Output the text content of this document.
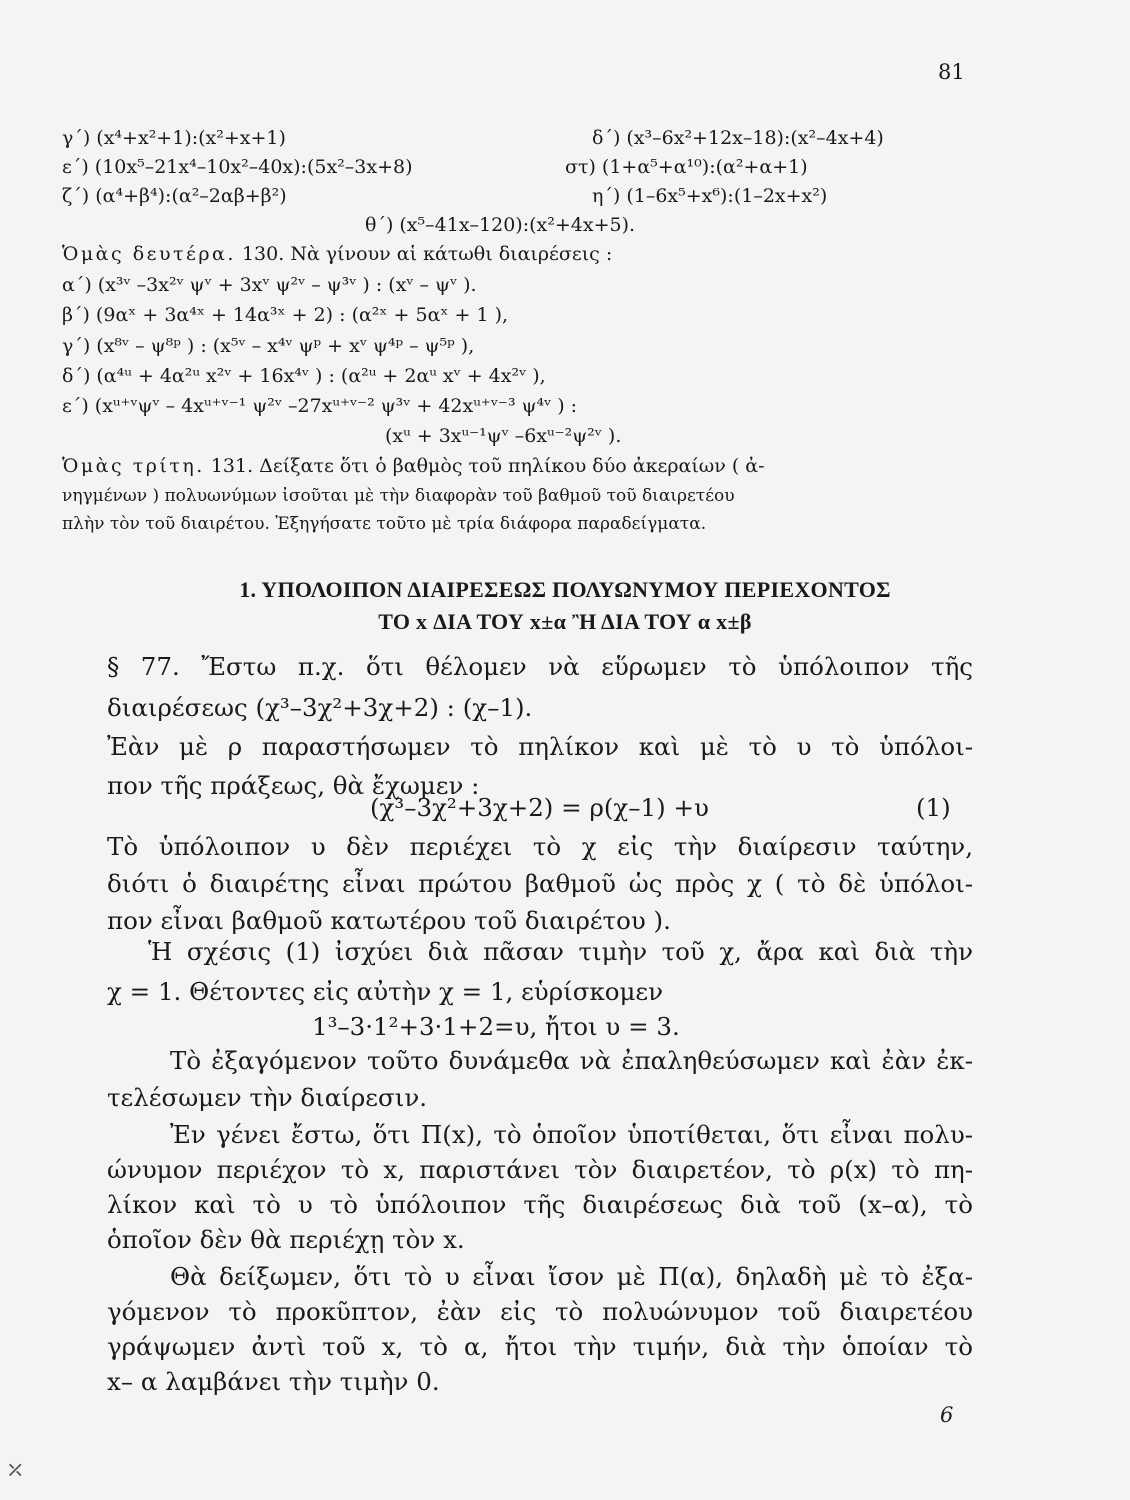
81
γ΄) (x⁴+x²+1):(x²+x+1)	δ΄) (x³–6x²+12x–18):(x²–4x+4)
ε΄) (10x⁵–21x⁴–10x²–40x):(5x²–3x+8)	στ) (1+α⁵+α¹⁰):(α²+α+1)
ζ΄) (α⁴+β⁴):(α²–2αβ+β²)	η΄) (1–6x⁵+x⁶):(1–2x+x²)
θ΄) (x⁵–41x–120):(x²+4x+5).
Ὁμὰς δευτέρα. 130. Νὰ γίνουν αἱ κάτωθι διαιρέσεις :
α΄) (x³ᵛ –3x²ᵛ ψᵛ + 3xᵛ ψ²ᵛ – ψ³ᵛ ) : (xᵛ – ψᵛ ).
β΄) (9αˣ + 3α⁴ˣ + 14α³ˣ + 2) : (α²ˣ + 5αˣ + 1 ),
γ΄) (x⁸ᵛ – ψ⁸ᵖ ) : (x⁵ᵛ – x⁴ᵛ ψᵖ + xᵛ ψ⁴ᵖ – ψ⁵ᵖ ),
δ΄) (α⁴ᵘ + 4α²ᵘ x²ᵛ + 16x⁴ᵛ ) : (α²ᵘ + 2αᵘ xᵛ + 4x²ᵛ ),
ε΄) (xᵘ⁺ᵛψᵛ – 4xᵘ⁺ᵛ⁻¹ ψ²ᵛ –27xᵘ⁺ᵛ⁻² ψ³ᵛ + 42xᵘ⁺ᵛ⁻³ ψ⁴ᵛ ) :
(xᵘ + 3xᵘ⁻¹ψᵛ –6xᵘ⁻²ψ²ᵛ ).
Ὁμὰς τρίτη. 131. Δείξατε ὅτι ὁ βαθμὸς τοῦ πηλίκου δύο ἀκεραίων ( ἀ-
νηγμένων ) πολυωνύμων ἰσοῦται μὲ τὴν διαφορὰν τοῦ βαθμοῦ τοῦ διαιρετέου
πλὴν τὸν τοῦ διαιρέτου. Ἐξηγήσατε τοῦτο μὲ τρία διάφορα παραδείγματα.
1. ΥΠΟΛΟΙΠΟΝ ΔΙΑΙΡΕΣΕΩΣ ΠΟΛΥΩΝΥΜΟΥ ΠΕΡΙΕΧΟΝΤΟΣ
ΤΟ x ΔΙΑ ΤΟΥ x±α Ἢ ΔΙΑ ΤΟΥ α x±β
§ 77. Ἔστω π.χ. ὅτι θέλομεν νὰ εὕρωμεν τὸ ὑπόλοιπον τῆς
διαιρέσεως (χ³–3χ²+3χ+2) : (χ–1).
Ἐὰν μὲ ρ παραστήσωμεν τὸ πηλίκον καὶ μὲ τὸ υ τὸ ὑπόλοι-
πον τῆς πράξεως, θὰ ἔχωμεν :
(χ³–3χ²+3χ+2) = ρ(χ–1) +υ	(1)
Τὸ ὑπόλοιπον υ δὲν περιέχει τὸ χ εἰς τὴν διαίρεσιν ταύτην,
διότι ὁ διαιρέτης εἶναι πρώτου βαθμοῦ ὡς πρὸς χ ( τὸ δὲ ὑπόλοι-
πον εἶναι βαθμοῦ κατωτέρου τοῦ διαιρέτου ).
Ἡ σχέσις (1) ἰσχύει διὰ πᾶσαν τιμὴν τοῦ χ, ἄρα καὶ διὰ τὴν
χ = 1. Θέτοντες εἰς αὐτὴν χ = 1, εὑρίσκομεν
1³–3·1²+3·1+2=υ, ἤτοι υ = 3.
Τὸ ἐξαγόμενον τοῦτο δυνάμεθα νὰ ἐπαληθεύσωμεν καὶ ἐὰν ἐκ-
τελέσωμεν τὴν διαίρεσιν.
Ἐν γένει ἔστω, ὅτι Π(x), τὸ ὁποῖον ὑποτίθεται, ὅτι εἶναι πολυ-
ώνυμον περιέχον τὸ x, παριστάνει τὸν διαιρετέον, τὸ ρ(x) τὸ πη-
λίκον καὶ τὸ υ τὸ ὑπόλοιπον τῆς διαιρέσεως διὰ τοῦ (x–α), τὸ
ὁποῖον δὲν θὰ περιέχῃ τὸν x.
Θὰ δείξωμεν, ὅτι τὸ υ εἶναι ἴσον μὲ Π(α), δηλαδὴ μὲ τὸ ἐξα-
γόμενον τὸ προκῦπτον, ἐὰν εἰς τὸ πολυώνυμον τοῦ διαιρετέου
γράψωμεν ἀντὶ τοῦ x, τὸ α, ἤτοι τὴν τιμήν, διὰ τὴν ὁποίαν τὸ
x– α λαμβάνει τὴν τιμὴν 0.
6
⤫
